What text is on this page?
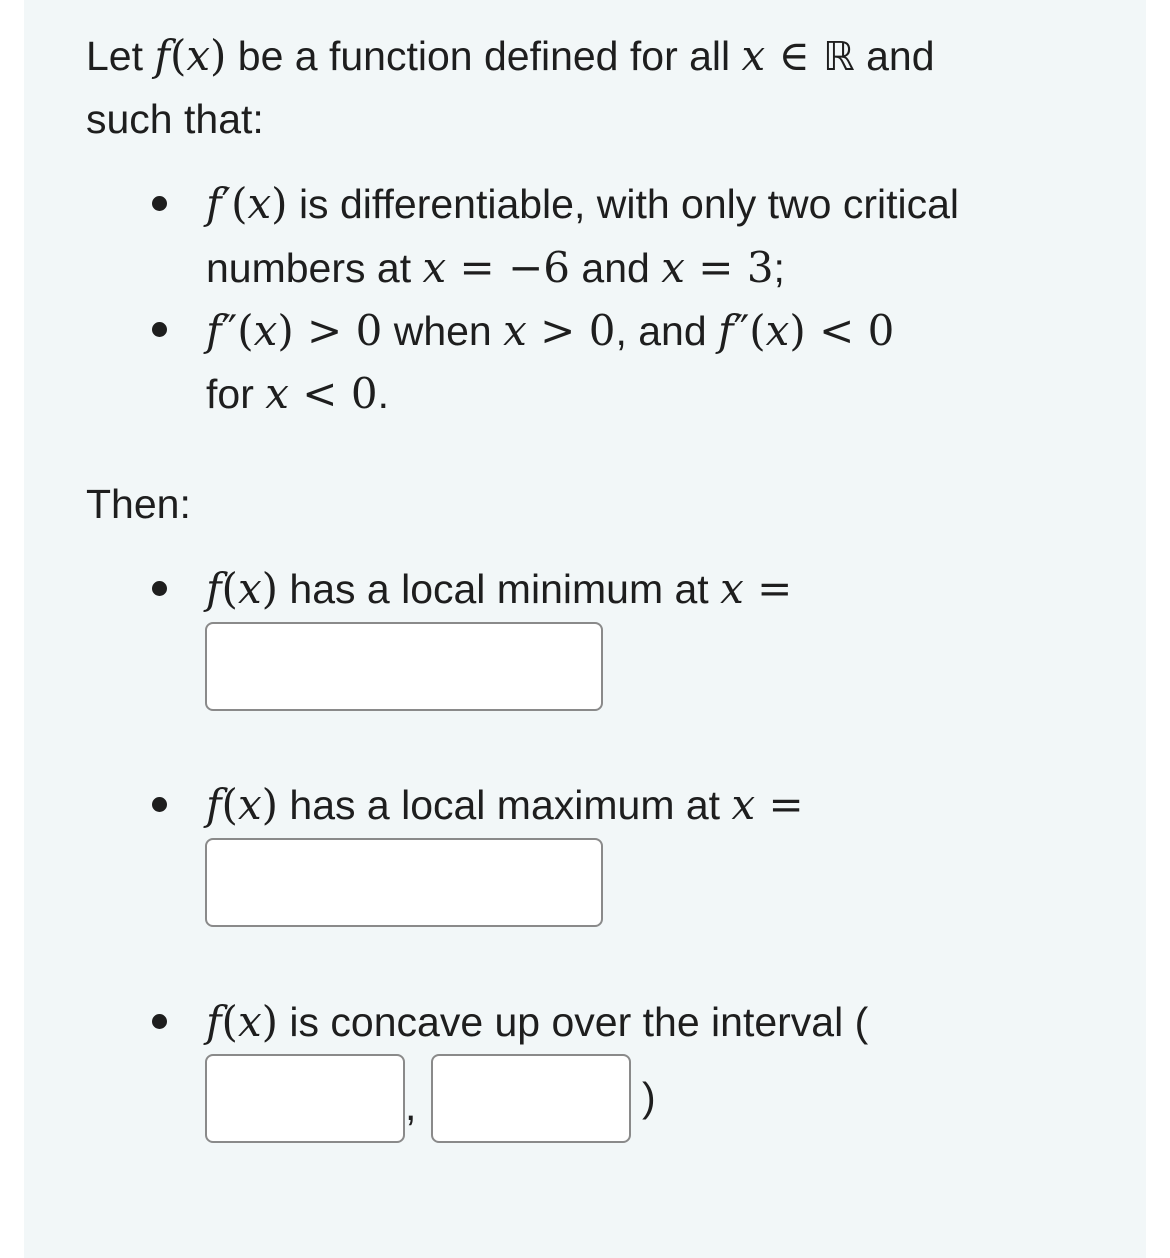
Let f(x) be a function defined for all x ∈ ℝ and
such that:
f′(x) is differentiable, with only two critical
numbers at x = −6 and x = 3;
f″(x) > 0 when x > 0, and f″(x) < 0
for x < 0.
Then:
f(x) has a local minimum at x =
f(x) has a local maximum at x =
f(x) is concave up over the interval (
,	)
